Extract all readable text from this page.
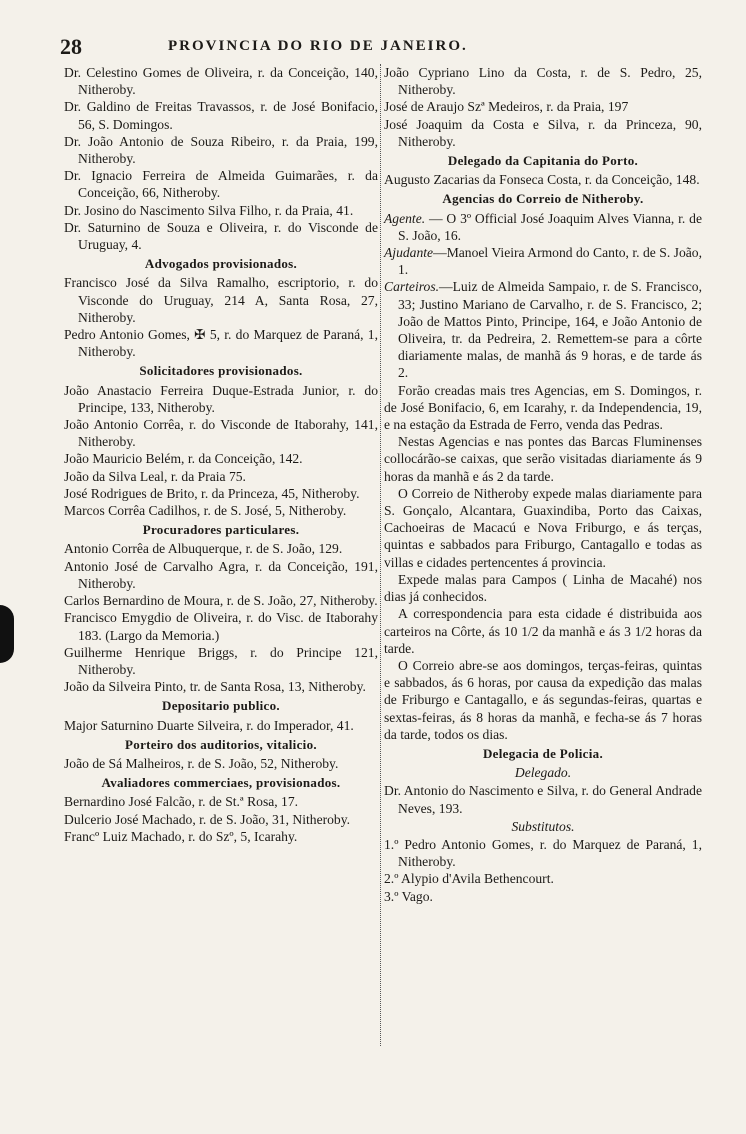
28	PROVINCIA DO RIO DE JANEIRO.
Dr. Celestino Gomes de Oliveira, r. da Conceição, 140, Nitheroby.
Dr. Galdino de Freitas Travassos, r. de José Bonifacio, 56, S. Domingos.
Dr. João Antonio de Souza Ribeiro, r. da Praia, 199, Nitheroby.
Dr. Ignacio Ferreira de Almeida Guimarães, r. da Conceição, 66, Nitheroby.
Dr. Josino do Nascimento Silva Filho, r. da Praia, 41.
Dr. Saturnino de Souza e Oliveira, r. do Visconde de Uruguay, 4.
Advogados provisionados.
Francisco José da Silva Ramalho, escriptorio, r. do Visconde do Uruguay, 214 A, Santa Rosa, 27, Nitheroby.
Pedro Antonio Gomes, ✠ 5, r. do Marquez de Paraná, 1, Nitheroby.
Solicitadores provisionados.
João Anastacio Ferreira Duque-Estrada Junior, r. do Principe, 133, Nitheroby.
João Antonio Corrêa, r. do Visconde de Itaborahy, 141, Nitheroby.
João Mauricio Belém, r. da Conceição, 142.
João da Silva Leal, r. da Praia 75.
José Rodrigues de Brito, r. da Princeza, 45, Nitheroby.
Marcos Corrêa Cadilhos, r. de S. José, 5, Nitheroby.
Procuradores particulares.
Antonio Corrêa de Albuquerque, r. de S. João, 129.
Antonio José de Carvalho Agra, r. da Conceição, 191, Nitheroby.
Carlos Bernardino de Moura, r. de S. João, 27, Nitheroby.
Francisco Emygdio de Oliveira, r. do Visc. de Itaborahy 183. (Largo da Memoria.)
Guilherme Henrique Briggs, r. do Principe 121, Nitheroby.
João da Silveira Pinto, tr. de Santa Rosa, 13, Nitheroby.
Depositario publico.
Major Saturnino Duarte Silveira, r. do Imperador, 41.
Porteiro dos auditorios, vitalicio.
João de Sá Malheiros, r. de S. João, 52, Nitheroby.
Avaliadores commerciaes, provisionados.
Bernardino José Falcão, r. de St.ª Rosa, 17.
Dulcerio José Machado, r. de S. João, 31, Nitheroby.
Francº Luiz Machado, r. do Szº, 5, Icarahy.
João Cypriano Lino da Costa, r. de S. Pedro, 25, Nitheroby.
José de Araujo Szª Medeiros, r. da Praia, 197
José Joaquim da Costa e Silva, r. da Princeza, 90, Nitheroby.
Delegado da Capitania do Porto.
Augusto Zacarias da Fonseca Costa, r. da Conceição, 148.
Agencias do Correio de Nitheroby.
Agente. — O 3º Official José Joaquim Alves Vianna, r. de S. João, 16.
Ajudante—Manoel Vieira Armond do Canto, r. de S. João, 1.
Carteiros.—Luiz de Almeida Sampaio, r. de S. Francisco, 33; Justino Mariano de Carvalho, r. de S. Francisco, 2; João de Mattos Pinto, Principe, 164, e João Antonio de Oliveira, tr. da Pedreira, 2. Remettem-se para a côrte diariamente malas, de manhã ás 9 horas, e de tarde ás 2.
Forão creadas mais tres Agencias, em S. Domingos, r. de José Bonifacio, 6, em Icarahy, r. da Independencia, 19, e na estação da Estrada de Ferro, venda das Pedras.
Nestas Agencias e nas pontes das Barcas Fluminenses collocárão-se caixas, que serão visitadas diariamente ás 9 horas da manhã e ás 2 da tarde.
O Correio de Nitheroby expede malas diariamente para S. Gonçalo, Alcantara, Guaxindiba, Porto das Caixas, Cachoeiras de Macacú e Nova Friburgo, e ás terças, quintas e sabbados para Friburgo, Cantagallo e todas as villas e cidades pertencentes á provincia.
Expede malas para Campos ( Linha de Macahé) nos dias já conhecidos.
A correspondencia para esta cidade é distribuida aos carteiros na Côrte, ás 10 1/2 da manhã e ás 3 1/2 horas da tarde.
O Correio abre-se aos domingos, terças-feiras, quintas e sabbados, ás 6 horas, por causa da expedição das malas de Friburgo e Cantagallo, e ás segundas-feiras, quartas e sextas-feiras, ás 8 horas da manhã, e fecha-se ás 7 horas da tarde, todos os dias.
Delegacia de Policia.
Delegado.
Dr. Antonio do Nascimento e Silva, r. do General Andrade Neves, 193.
Substitutos.
1.º Pedro Antonio Gomes, r. do Marquez de Paraná, 1, Nitheroby.
2.º Alypio d'Avila Bethencourt.
3.º Vago.
